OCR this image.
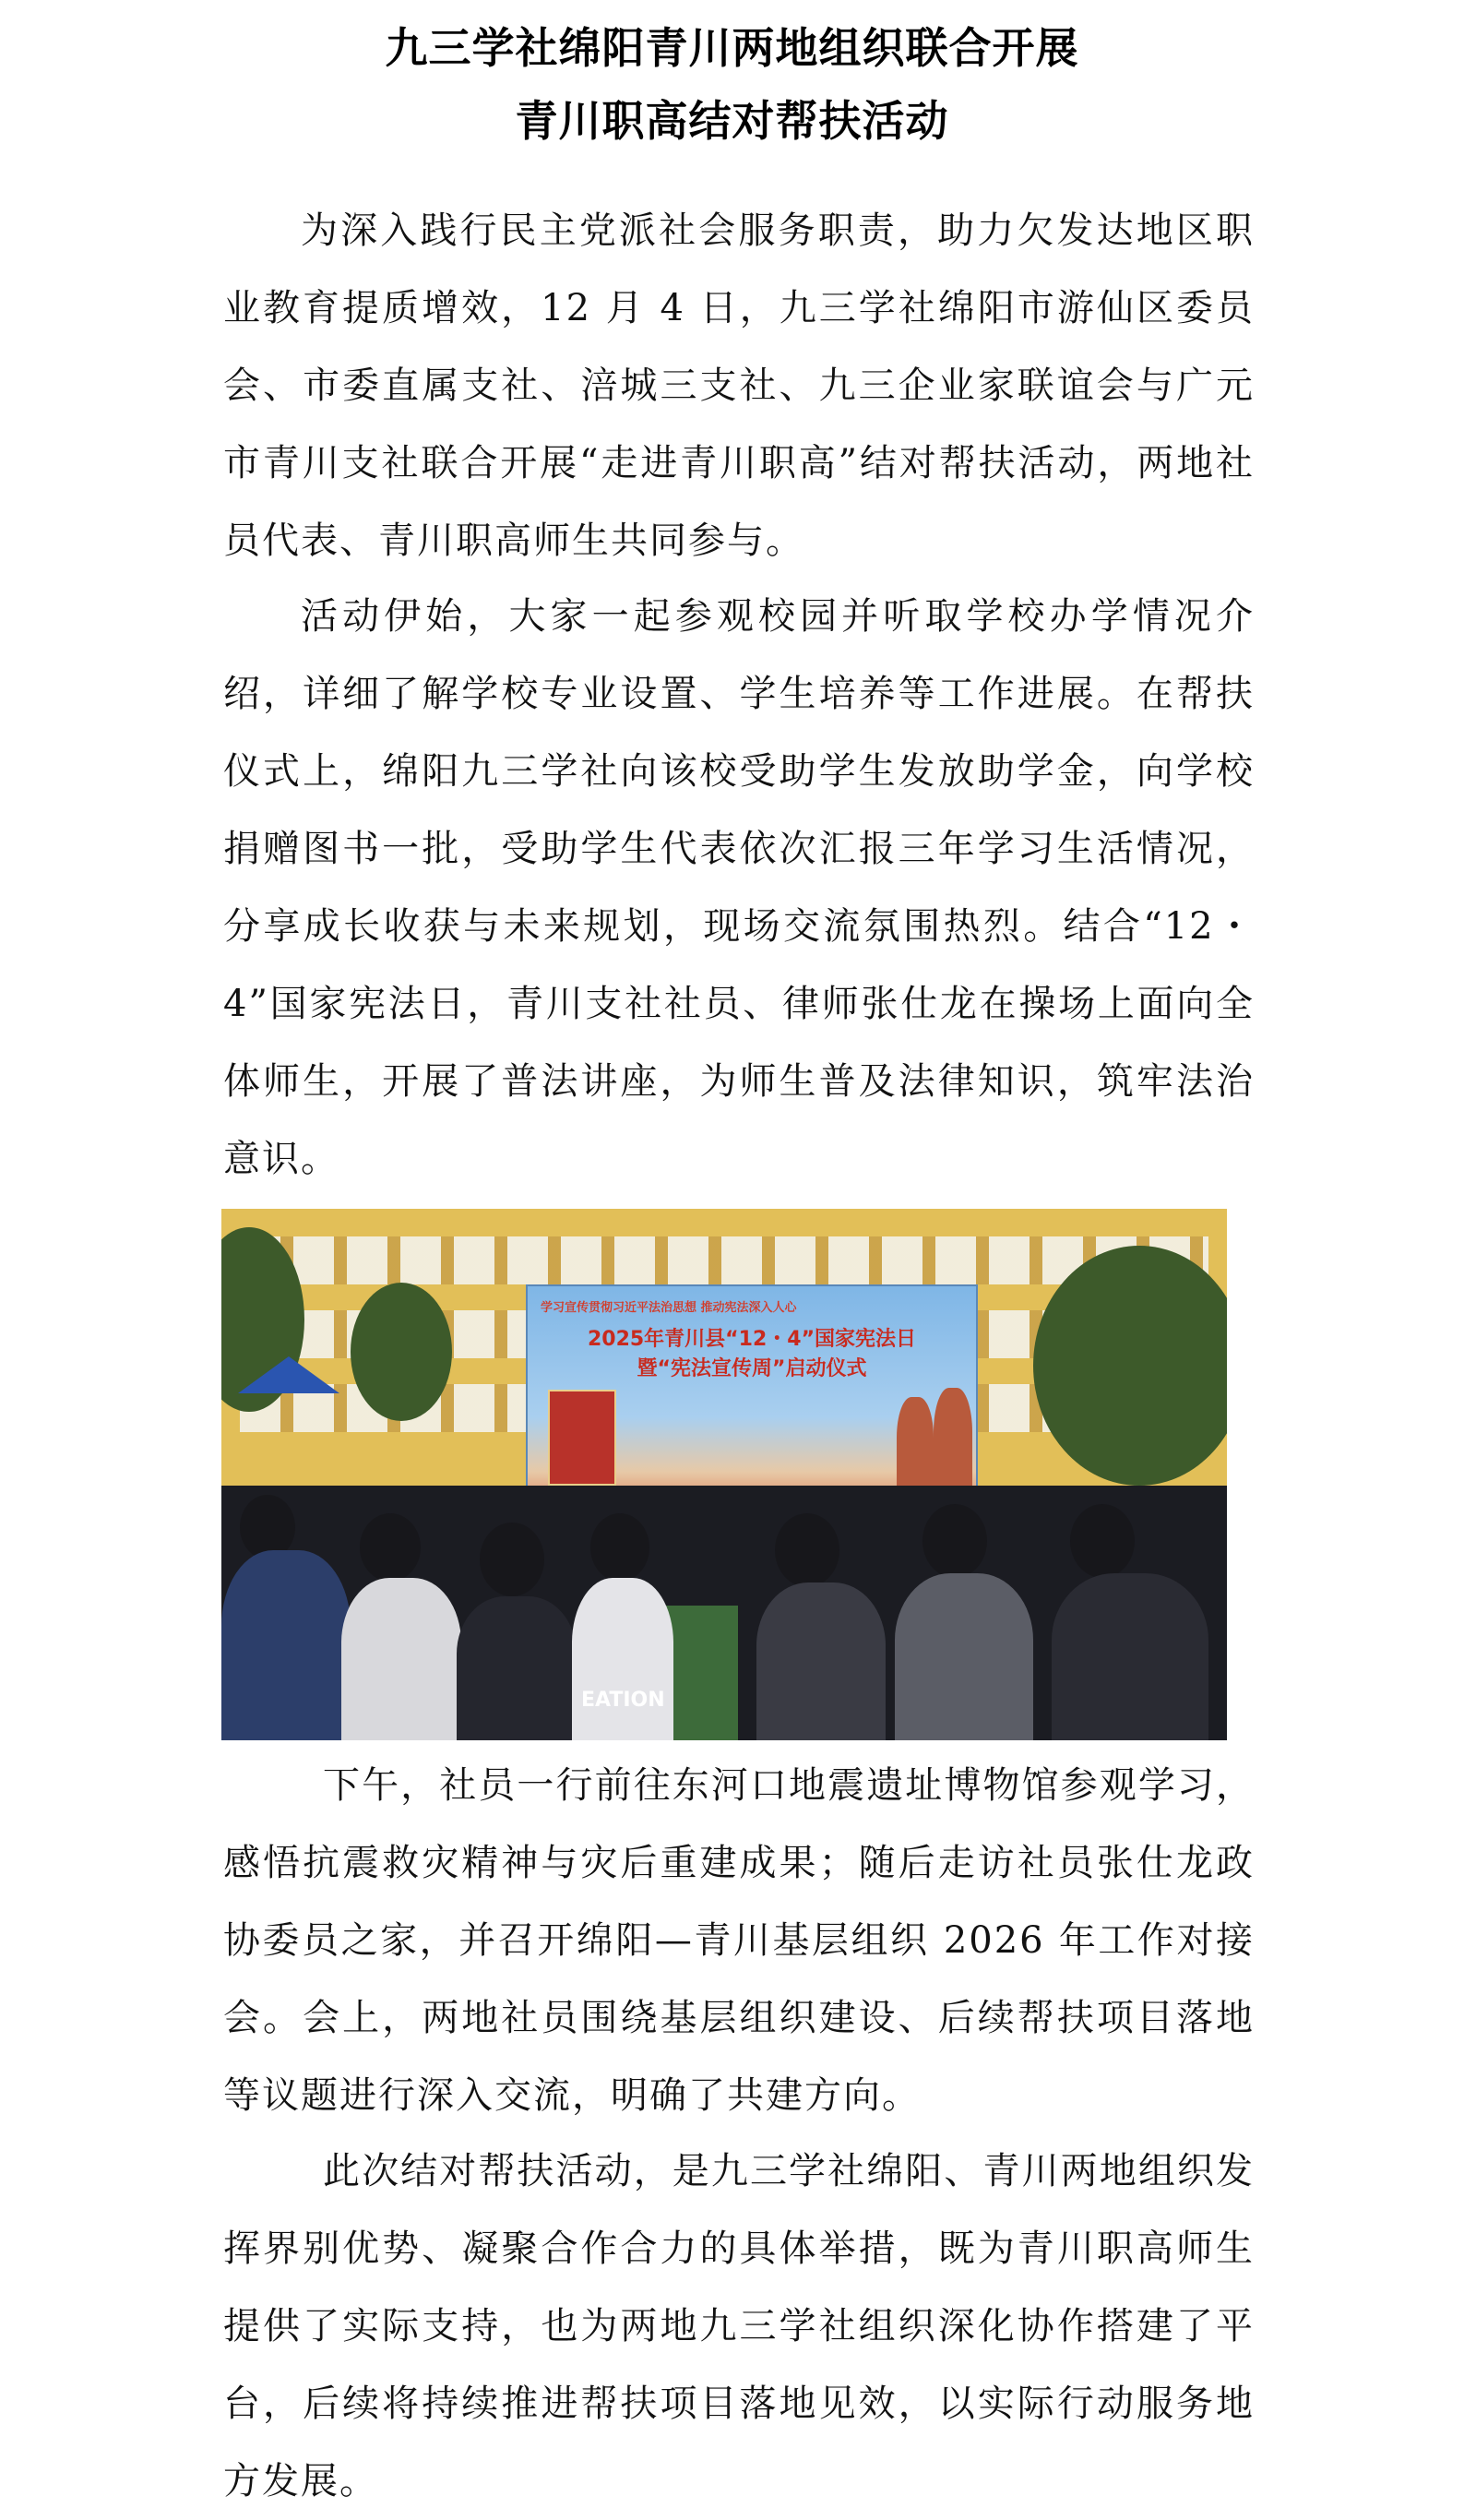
九三学社绵阳青川两地组织联合开展
青川职高结对帮扶活动

为深入践行民主党派社会服务职责，助力欠发达地区职业教育提质增效，12 月 4 日，九三学社绵阳市游仙区委员会、市委直属支社、涪城三支社、九三企业家联谊会与广元市青川支社联合开展“走进青川职高”结对帮扶活动，两地社员代表、青川职高师生共同参与。

活动伊始，大家一起参观校园并听取学校办学情况介绍，详细了解学校专业设置、学生培养等工作进展。在帮扶仪式上，绵阳九三学社向该校受助学生发放助学金，向学校捐赠图书一批，受助学生代表依次汇报三年学习生活情况，分享成长收获与未来规划，现场交流氛围热烈。结合“12・4”国家宪法日，青川支社社员、律师张仕龙在操场上面向全体师生，开展了普法讲座，为师生普及法律知识，筑牢法治意识。

学习宣传贯彻习近平法治思想 推动宪法深入人心
2025年青川县“12・4”国家宪法日
暨“宪法宣传周”启动仪式
EATION

下午，社员一行前往东河口地震遗址博物馆参观学习，感悟抗震救灾精神与灾后重建成果；随后走访社员张仕龙政协委员之家，并召开绵阳—青川基层组织 2026 年工作对接会。会上，两地社员围绕基层组织建设、后续帮扶项目落地等议题进行深入交流，明确了共建方向。

此次结对帮扶活动，是九三学社绵阳、青川两地组织发挥界别优势、凝聚合作合力的具体举措，既为青川职高师生提供了实际支持，也为两地九三学社组织深化协作搭建了平台，后续将持续推进帮扶项目落地见效，以实际行动服务地方发展。
